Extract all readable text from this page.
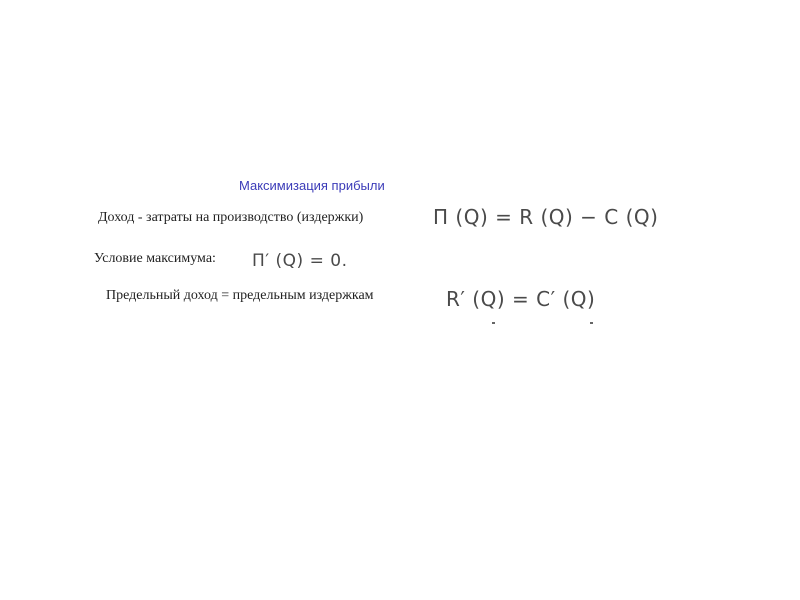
Максимизация прибыли
Доход - затраты на производство (издержки)	Π (Q) = R (Q) − C (Q)
Условие максимума: Π′ (Q) = 0.
Предельный доход = предельным издержкам	R′ (Q) = C′ (Q)
